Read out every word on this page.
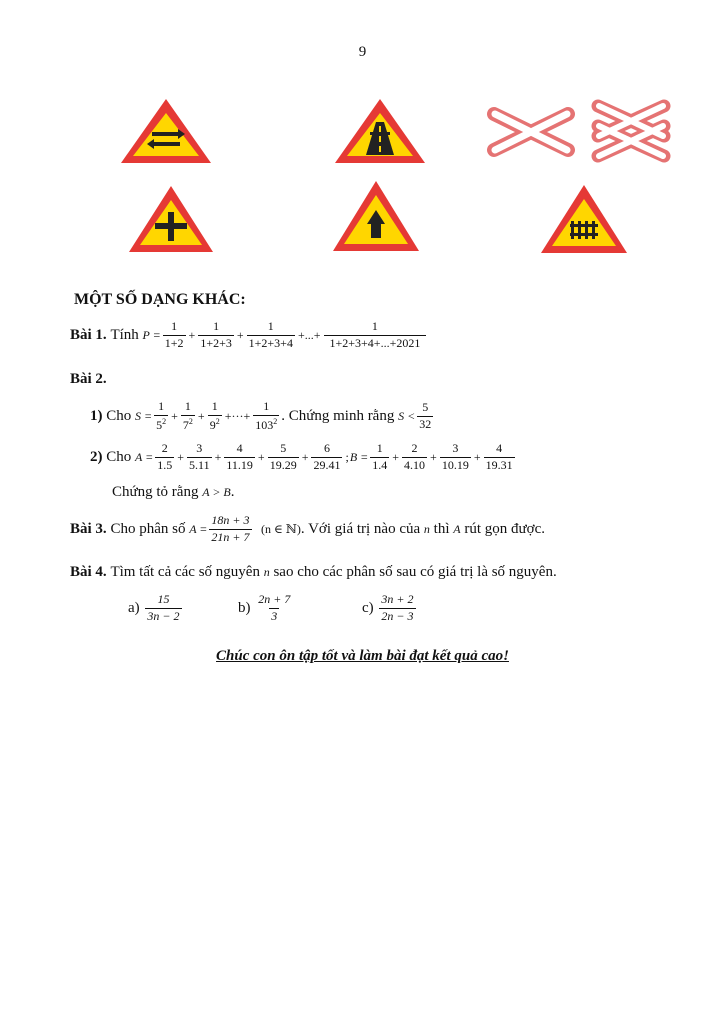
9
MỘT SỐ DẠNG KHÁC:
Bài 1.
Tính
$P = \frac{1}{1+2} + \frac{1}{1+2+3} + \frac{1}{1+2+3+4}$ +...+ $\frac{1}{1+2+3+4+...+2021}$
Bài 2.
1)
Cho
$S = \frac{1}{5^2} + \frac{1}{7^2} + \frac{1}{9^2}$ +···+ $\frac{1}{103^2}$ . Chứng minh rằng
$S < \frac{5}{32}$
2)
Cho
$A = \frac{2}{1.5} + \frac{3}{5.11} + \frac{4}{11.19} + \frac{5}{19.29} + \frac{6}{29.41}$ ; $B = \frac{1}{1.4} + \frac{2}{4.10} + \frac{3}{10.19} + \frac{4}{19.31}$
Chứng tỏ rằng
A > B .
Bài 3.
Cho phân số
$A = \frac{18n + 3}{21n + 7}$
(n ∈ ℕ) . Với giá trị nào của
n
thì
A
rút gọn được.
Bài 4.
Tìm tất cả các số nguyên
n
sao cho các phân số sau có giá trị là số nguyên.
a)
$\frac{15}{3n - 2}$	b)
$\frac{2n + 7}{3}$	c)
$\frac{3n + 2}{2n - 3}$
Chúc con ôn tập tốt và làm bài đạt kết quả cao!
